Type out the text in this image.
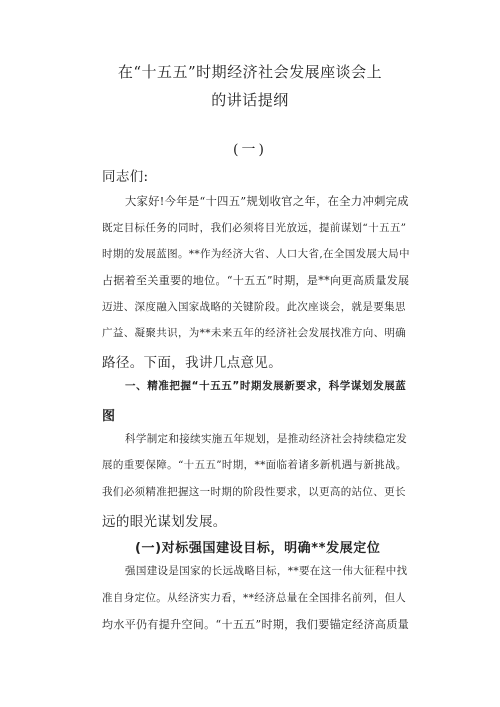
在“十五五”时期经济社会发展座谈会上
的讲话提纲
(一)
同志们:
大家好!今年是“十四五”规划收官之年，在全力冲刺完成
既定目标任务的同时，我们必须将目光放远，提前谋划“十五五”
时期的发展蓝图。**作为经济大省、人口大省,在全国发展大局中
占据着至关重要的地位。“十五五”时期，是**向更高质量发展
迈进、深度融入国家战略的关键阶段。此次座谈会，就是要集思
广益、凝聚共识，为**未来五年的经济社会发展找准方向、明确
路径。下面，我讲几点意见。
一、精准把握“十五五”时期发展新要求，科学谋划发展蓝
图
科学制定和接续实施五年规划，是推动经济社会持续稳定发
展的重要保障。“十五五”时期，**面临着诸多新机遇与新挑战。
我们必须精准把握这一时期的阶段性要求，以更高的站位、更长
远的眼光谋划发展。
(一)对标强国建设目标，明确**发展定位
强国建设是国家的长远战略目标，**要在这一伟大征程中找
准自身定位。从经济实力看，**经济总量在全国排名前列，但人
均水平仍有提升空间。“十五五”时期，我们要锚定经济高质量
